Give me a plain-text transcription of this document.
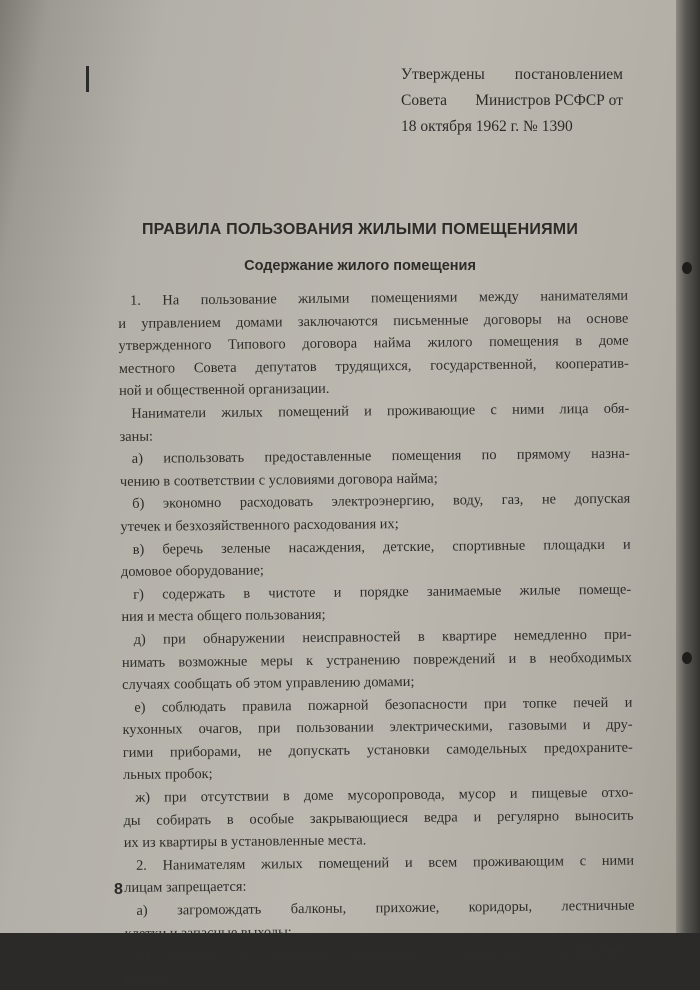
Утверждены постановлением
Совета Министров РСФСР от
18 октября 1962 г. № 1390
ПРАВИЛА ПОЛЬЗОВАНИЯ ЖИЛЫМИ ПОМЕЩЕНИЯМИ
Содержание жилого помещения
1. На пользование жилыми помещениями между нанимателями
и управлением домами заключаются письменные договоры на основе
утвержденного Типового договора найма жилого помещения в доме
местного Совета депутатов трудящихся, государственной, кооператив-
ной и общественной организации.
Наниматели жилых помещений и проживающие с ними лица обя-
заны:
а) использовать предоставленные помещения по прямому назна-
чению в соответствии с условиями договора найма;
б) экономно расходовать электроэнергию, воду, газ, не допуская
утечек и безхозяйственного расходования их;
в) беречь зеленые насаждения, детские, спортивные площадки и
домовое оборудование;
г) содержать в чистоте и порядке занимаемые жилые помеще-
ния и места общего пользования;
д) при обнаружении неисправностей в квартире немедленно при-
нимать возможные меры к устранению повреждений и в необходимых
случаях сообщать об этом управлению домами;
е) соблюдать правила пожарной безопасности при топке печей и
кухонных очагов, при пользовании электрическими, газовыми и дру-
гими приборами, не допускать установки самодельных предохраните-
льных пробок;
ж) при отсутствии в доме мусоропровода, мусор и пищевые отхо-
ды собирать в особые закрывающиеся ведра и регулярно выносить
их из квартиры в установленные места.
2. Нанимателям жилых помещений и всем проживающим с ними
лицам запрещается:
а) загромождать балконы, прихожие, коридоры, лестничные
клетки и запасные выходы;
б) хранить в квартирах предметы и вещества, загрязняющие
воздух;
8
